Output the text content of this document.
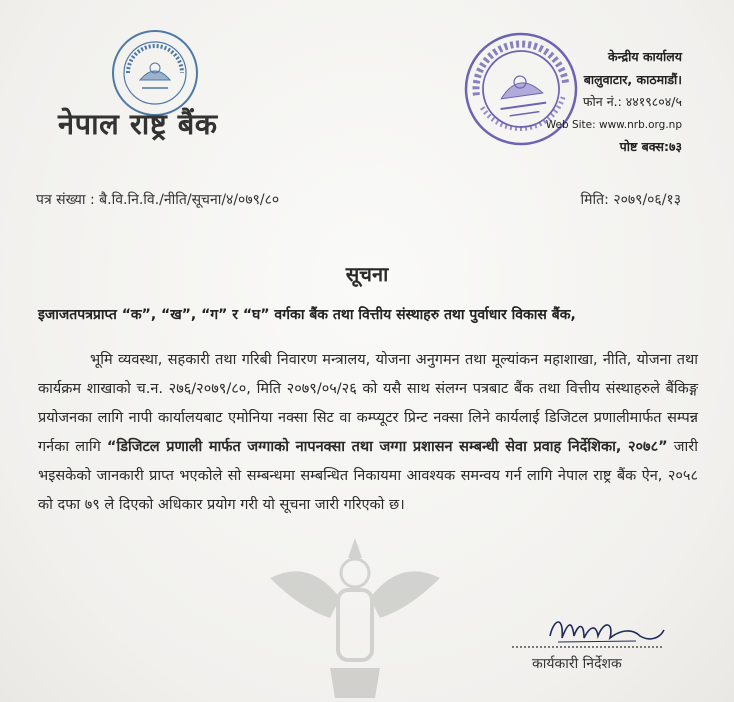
नेपाल राष्ट्र बैंक
केन्द्रीय कार्यालय
बालुवाटार, काठमाडौं।
फोन नं.: ४४१९८०४/५
Web Site: www.nrb.org.np
पोष्ट बक्स:७३
पत्र संख्या : बै.वि.नि.वि./नीति/सूचना/४/०७९/८०	मिति: २०७९/०६/१३
सूचना
इजाजतपत्रप्राप्त “क”, “ख”, “ग” र “घ” वर्गका बैंक तथा वित्तीय संस्थाहरु तथा पुर्वाधार विकास बैंक,
भूमि व्यवस्था, सहकारी तथा गरिबी निवारण मन्त्रालय, योजना अनुगमन तथा मूल्यांकन महाशाखा, नीति, योजना तथा कार्यक्रम शाखाको च.न. २७६/२०७९/८०, मिति २०७९/०५/२६ को यसै साथ संलग्न पत्रबाट बैंक तथा वित्तीय संस्थाहरुले बैंकिङ्ग प्रयोजनका लागि नापी कार्यालयबाट एमोनिया नक्सा सिट वा कम्प्यूटर प्रिन्ट नक्सा लिने कार्यलाई डिजिटल प्रणालीमार्फत सम्पन्न गर्नका लागि “डिजिटल प्रणाली मार्फत जग्गाको नापनक्सा तथा जग्गा प्रशासन सम्बन्धी सेवा प्रवाह निर्देशिका, २०७८” जारी भइसकेको जानकारी प्राप्त भएकोले सो सम्बन्धमा सम्बन्धित निकायमा आवश्यक समन्वय गर्न लागि नेपाल राष्ट्र बैंक ऐन, २०५८ को दफा ७९ ले दिएको अधिकार प्रयोग गरी यो सूचना जारी गरिएको छ।
कार्यकारी निर्देशक
